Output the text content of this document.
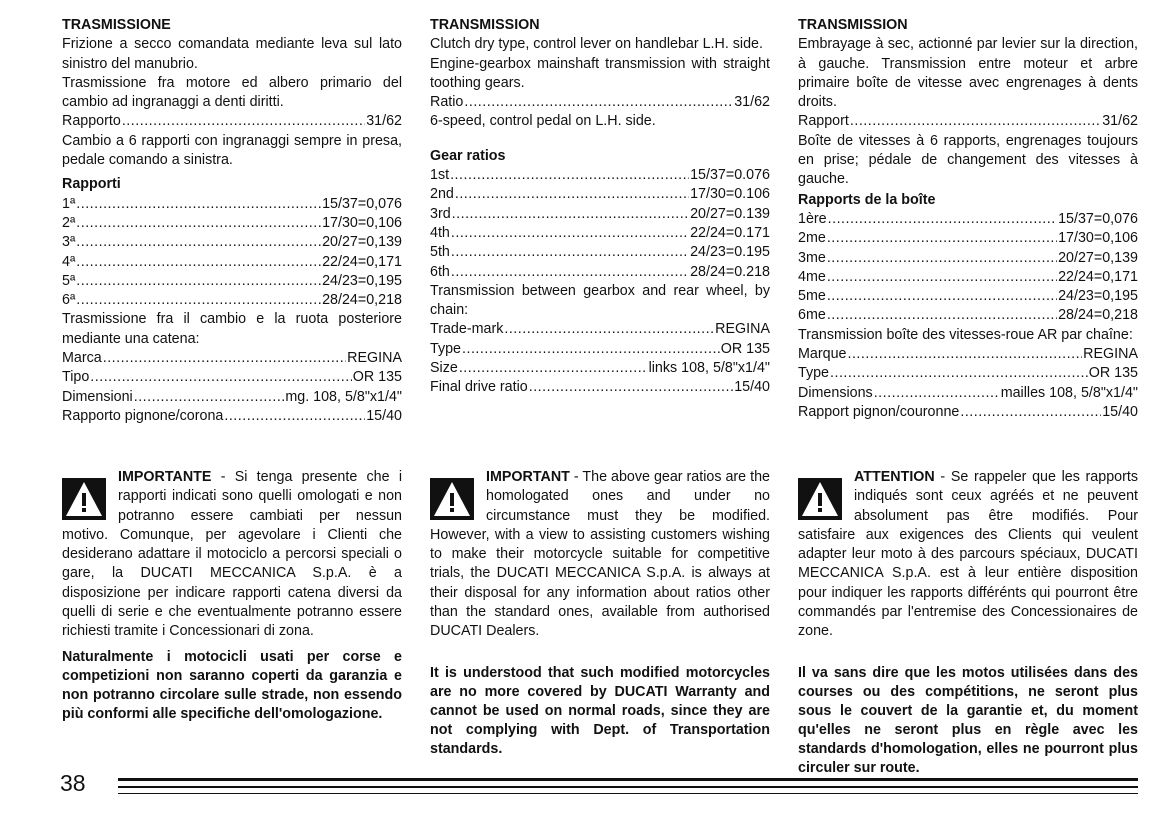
TRASMISSIONE

Frizione a secco comandata mediante leva sul lato sinistro del manubrio.

Trasmissione fra motore ed albero primario del cambio ad ingranaggi a denti diritti.

Rapporto .....	31/62

Cambio a 6 rapporti con ingranaggi sempre in presa, pedale comando a sinistra.

Rapporti
1ª .....	15/37=0,076
2ª .....	17/30=0,106
3ª .....	20/27=0,139
4ª .....	22/24=0,171
5ª .....	24/23=0,195
6ª .....	28/24=0,218

Trasmissione fra il cambio e la ruota posteriore mediante una catena:

Marca .....	REGINA
Tipo .....	OR 135
Dimensioni .....	mg. 108, 5/8"x1/4"
Rapporto pignone/corona .....	15/40
TRANSMISSION

Clutch dry type, control lever on handlebar L.H. side.

Engine-gearbox mainshaft transmission with straight toothing gears.

Ratio .....	31/62

6-speed, control pedal on L.H. side.

Gear ratios
1st .....	15/37=0.076
2nd .....	17/30=0.106
3rd .....	20/27=0.139
4th .....	22/24=0.171
5th .....	24/23=0.195
6th .....	28/24=0.218

Transmission between gearbox and rear wheel, by chain:

Trade-mark .....	REGINA
Type .....	OR 135
Size .....	links 108, 5/8"x1/4"
Final drive ratio .....	15/40
TRANSMISSION

Embrayage à sec, actionné par levier sur la direction, à gauche. Transmission entre moteur et arbre primaire boîte de vitesse avec engrenages à dents droits.

Rapport .....	31/62

Boîte de vitesses à 6 rapports, engrenages toujours en prise; pédale de changement des vitesses à gauche.

Rapports de la boîte
1ère .....	15/37=0,076
2me .....	17/30=0,106
3me .....	20/27=0,139
4me .....	22/24=0,171
5me .....	24/23=0,195
6me .....	28/24=0,218

Transmission boîte des vitesses-roue AR par chaîne:

Marque .....	REGINA
Type .....	OR 135
Dimensions .....	mailles 108, 5/8"x1/4"
Rapport pignon/couronne .....	15/40

IMPORTANTE - Si tenga presente che i rapporti indicati sono quelli omologati e non potranno essere cambiati per nessun motivo. Comunque, per agevolare i Clienti che desiderano adattare il motociclo a percorsi speciali o gare, la DUCATI MECCANICA S.p.A. è a disposizione per indicare rapporti catena diversi da quelli di serie e che eventualmente potranno essere richiesti tramite i Concessionari di zona.

IMPORTANT - The above gear ratios are the homologated ones and under no circumstance must they be modified. However, with a view to assisting customers wishing to make their motorcycle suitable for competitive trials, the DUCATI MECCANICA S.p.A. is always at their disposal for any information about ratios other than the standard ones, available from authorised DUCATI Dealers.

ATTENTION - Se rappeler que les rapports indiqués sont ceux agréés et ne peuvent absolument pas être modifiés. Pour satisfaire aux exigences des Clients qui veulent adapter leur moto à des parcours spéciaux, DUCATI MECCANICA S.p.A. est à leur entière disposition pour indiquer les rapports différénts qui pourront être commandés par l'entremise des Concessionaires de zone.

Naturalmente i motocicli usati per corse e competizioni non saranno coperti da garanzia e non potranno circolare sulle strade, non essendo più conformi alle specifiche dell'omologazione.

It is understood that such modified motorcycles are no more covered by DUCATI Warranty and cannot be used on normal roads, since they are not complying with Dept. of Transportation standards.

Il va sans dire que les motos utilisées dans des courses ou des compétitions, ne seront plus sous le couvert de la garantie et, du moment qu'elles ne seront plus en règle avec les standards d'homologation, elles ne pourront plus circuler sur route.

38
